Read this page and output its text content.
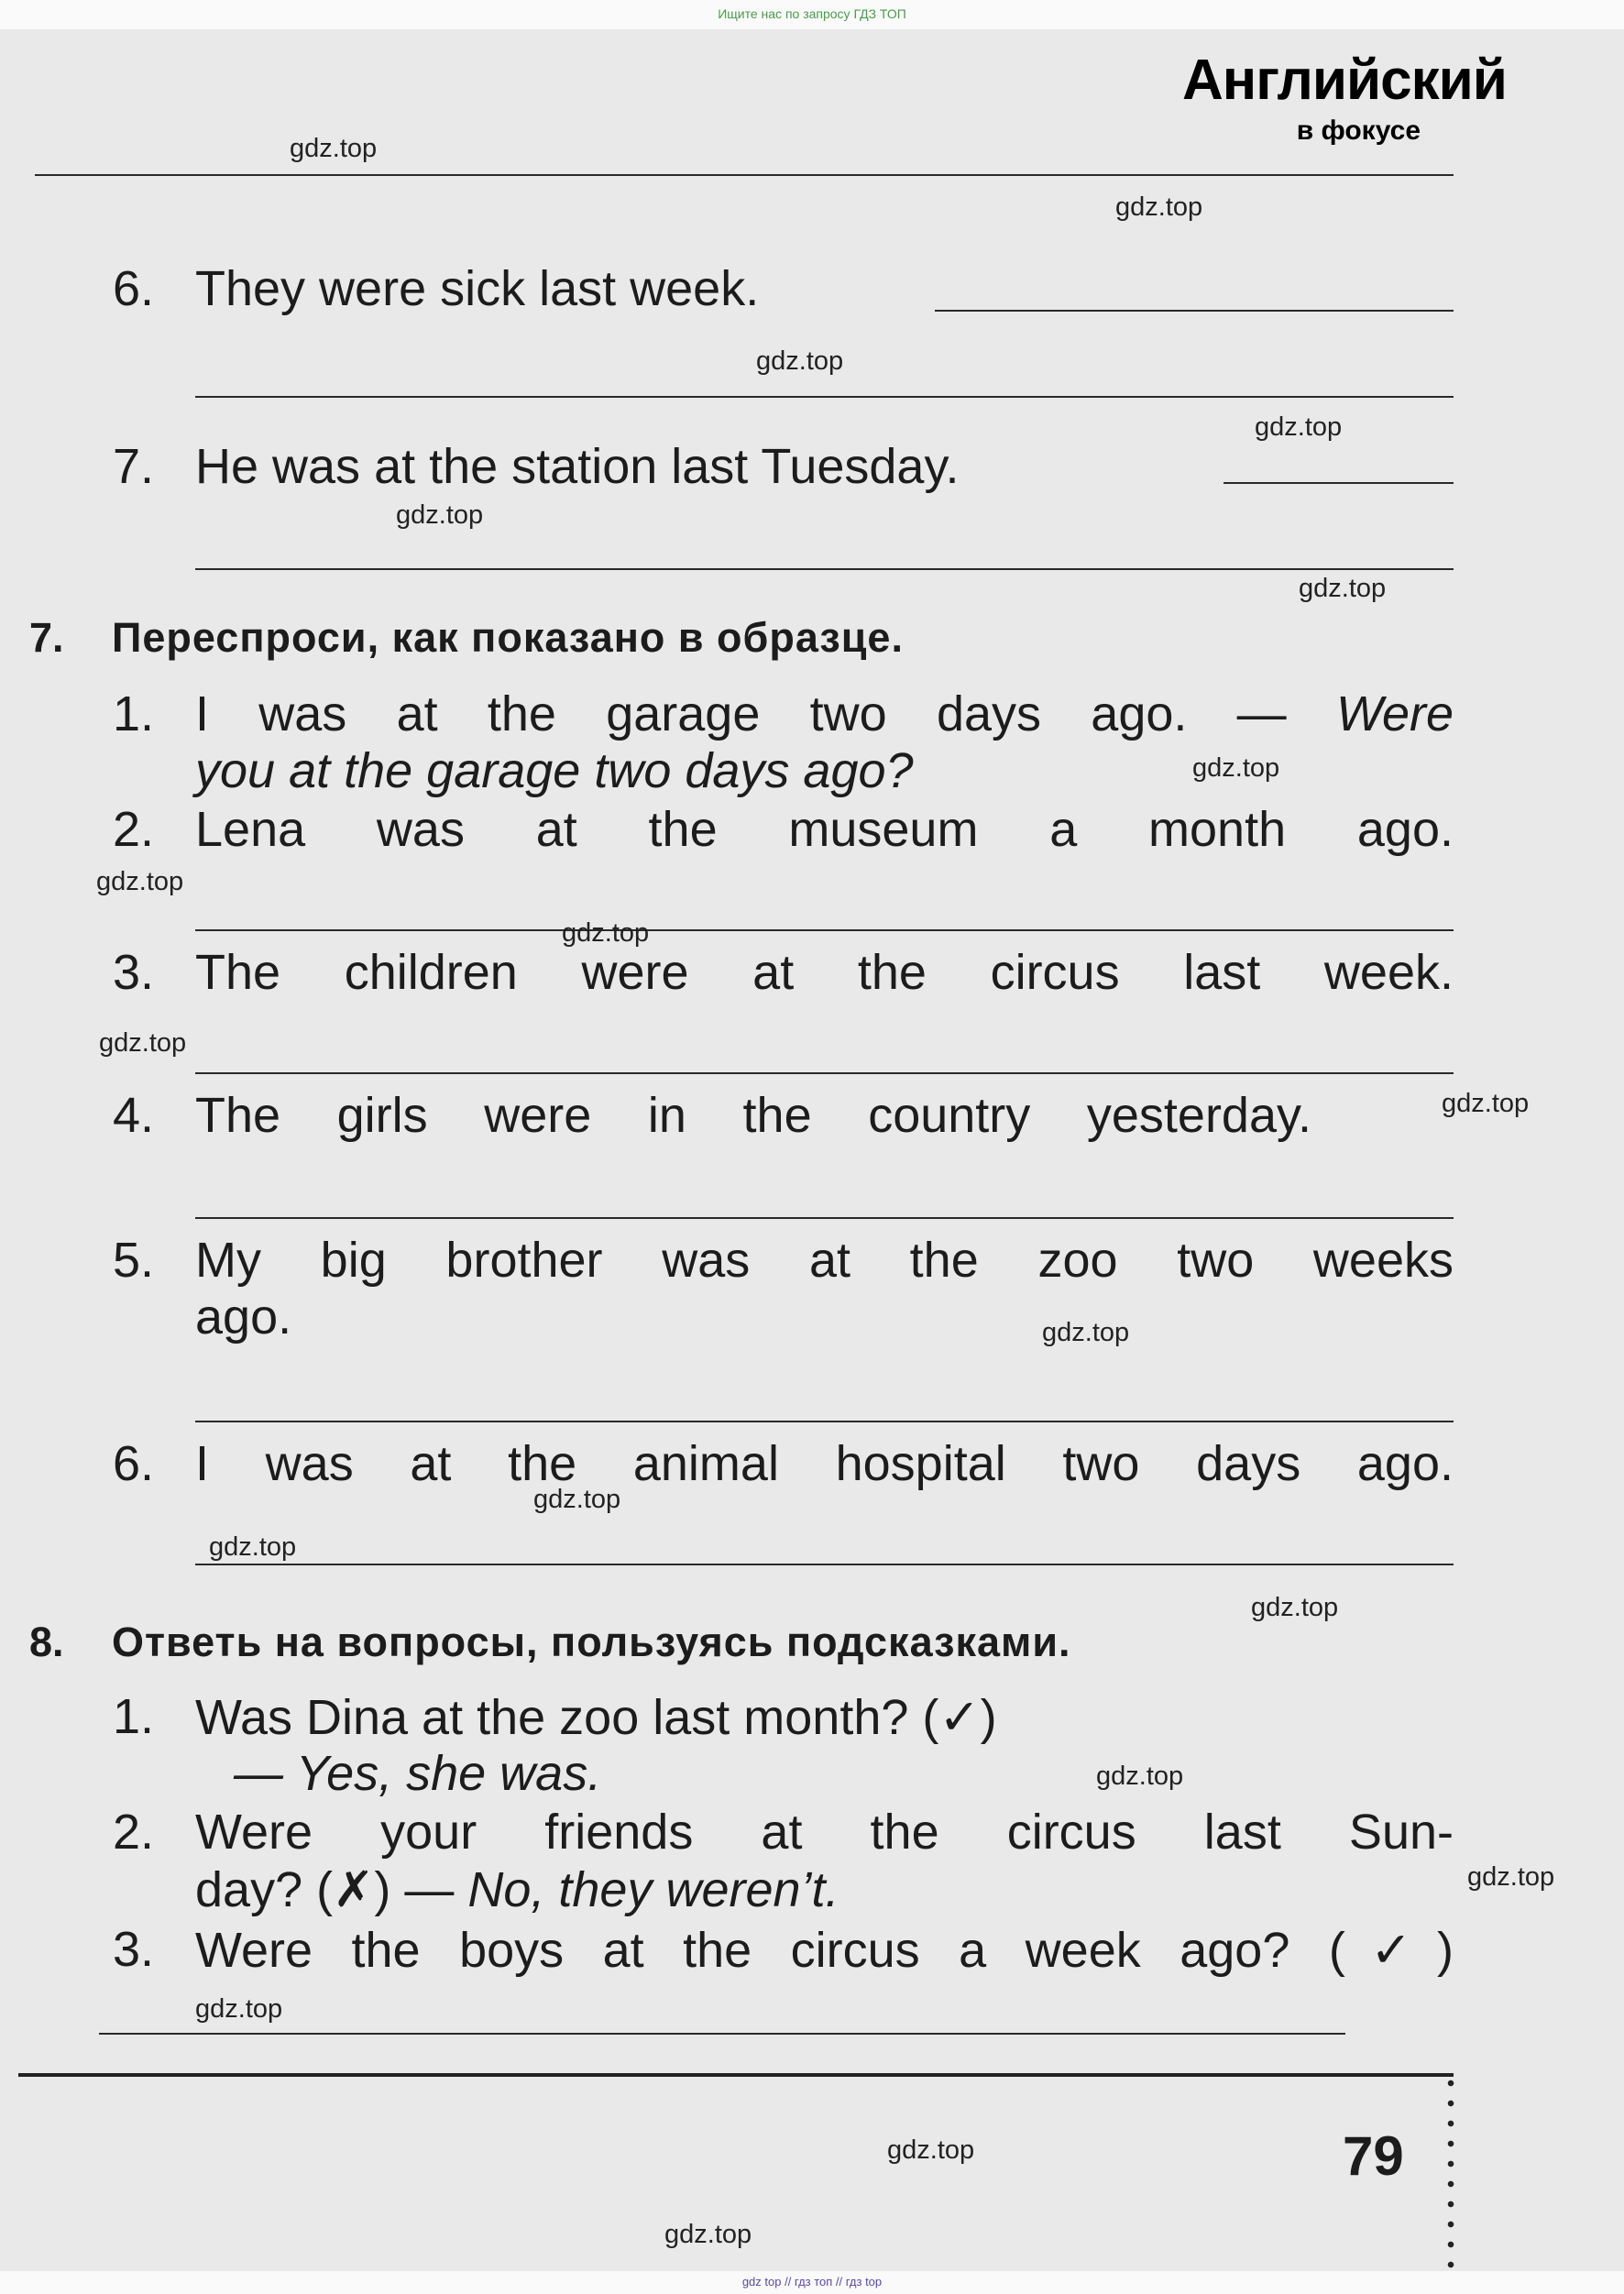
Ищите нас по запросу ГДЗ ТОП
Английский
в фокусе
6. They were sick last week.
7. He was at the station last Tuesday.
7. Переспроси, как показано в образце.
1. I was at the garage two days ago. — Were
you at the garage two days ago?
2. Lena was at the museum a month ago.
3. The children were at the circus last week.
4. The girls were in the country yesterday.
5. My big brother was at the zoo two weeks
ago.
6. I was at the animal hospital two days ago.
8. Ответь на вопросы, пользуясь подсказками.
1. Was Dina at the zoo last month? (✓)
— Yes, she was.
2. Were your friends at the circus last Sun-
day? (✗) — No, they weren’t.
3. Were the boys at the circus a week ago? (✓)
79
gdz.top
gdz.top
gdz.top
gdz.top
gdz.top
gdz.top
gdz.top
gdz.top
gdz.top
gdz.top
gdz.top
gdz.top
gdz.top
gdz.top
gdz.top
gdz.top
gdz.top
gdz.top
gdz.top
gdz.top
gdz top // гдз топ // гдз top
